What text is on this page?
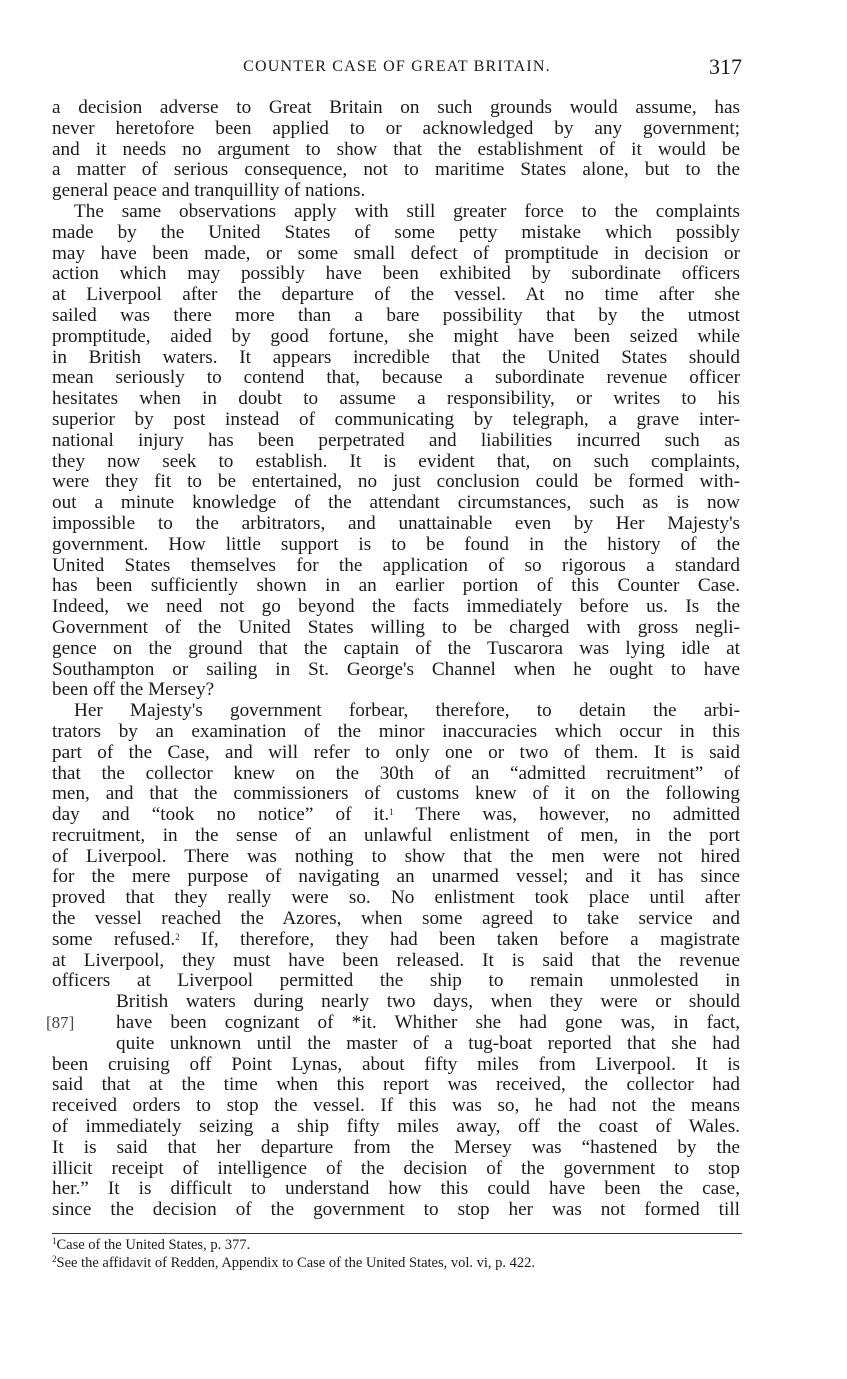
COUNTER CASE OF GREAT BRITAIN.	317
a decision adverse to Great Britain on such grounds would assume, has
never heretofore been applied to or acknowledged by any government;
and it needs no argument to show that the establishment of it would be
a matter of serious consequence, not to maritime States alone, but to the
general peace and tranquillity of nations.
The same observations apply with still greater force to the complaints
made by the United States of some petty mistake which possibly
may have been made, or some small defect of promptitude in decision or
action which may possibly have been exhibited by subordinate officers
at Liverpool after the departure of the vessel. At no time after she
sailed was there more than a bare possibility that by the utmost
promptitude, aided by good fortune, she might have been seized while
in British waters. It appears incredible that the United States should
mean seriously to contend that, because a subordinate revenue officer
hesitates when in doubt to assume a responsibility, or writes to his
superior by post instead of communicating by telegraph, a grave inter-
national injury has been perpetrated and liabilities incurred such as
they now seek to establish. It is evident that, on such complaints,
were they fit to be entertained, no just conclusion could be formed with-
out a minute knowledge of the attendant circumstances, such as is now
impossible to the arbitrators, and unattainable even by Her Majesty's
government. How little support is to be found in the history of the
United States themselves for the application of so rigorous a standard
has been sufficiently shown in an earlier portion of this Counter Case.
Indeed, we need not go beyond the facts immediately before us. Is the
Government of the United States willing to be charged with gross negli-
gence on the ground that the captain of the Tuscarora was lying idle at
Southampton or sailing in St. George's Channel when he ought to have
been off the Mersey?
Her Majesty's government forbear, therefore, to detain the arbi-
trators by an examination of the minor inaccuracies which occur in this
part of the Case, and will refer to only one or two of them. It is said
that the collector knew on the 30th of an “admitted recruitment” of
men, and that the commissioners of customs knew of it on the following
day and “took no notice” of it.$^1$ There was, however, no admitted
recruitment, in the sense of an unlawful enlistment of men, in the port
of Liverpool. There was nothing to show that the men were not hired
for the mere purpose of navigating an unarmed vessel; and it has since
proved that they really were so. No enlistment took place until after
the vessel reached the Azores, when some agreed to take service and
some refused.$^2$ If, therefore, they had been taken before a magistrate
at Liverpool, they must have been released. It is said that the revenue
officers at Liverpool permitted the ship to remain unmolested in
British waters during nearly two days, when they were or should
[87]	have been cognizant of *it. Whither she had gone was, in fact,
quite unknown until the master of a tug-boat reported that she had
been cruising off Point Lynas, about fifty miles from Liverpool. It is
said that at the time when this report was received, the collector had
received orders to stop the vessel. If this was so, he had not the means
of immediately seizing a ship fifty miles away, off the coast of Wales.
It is said that her departure from the Mersey was “hastened by the
illicit receipt of intelligence of the decision of the government to stop
her.” It is difficult to understand how this could have been the case,
since the decision of the government to stop her was not formed till
$^1$Case of the United States, p. 377.
$^2$See the affidavit of Redden, Appendix to Case of the United States, vol. vi, p. 422.
